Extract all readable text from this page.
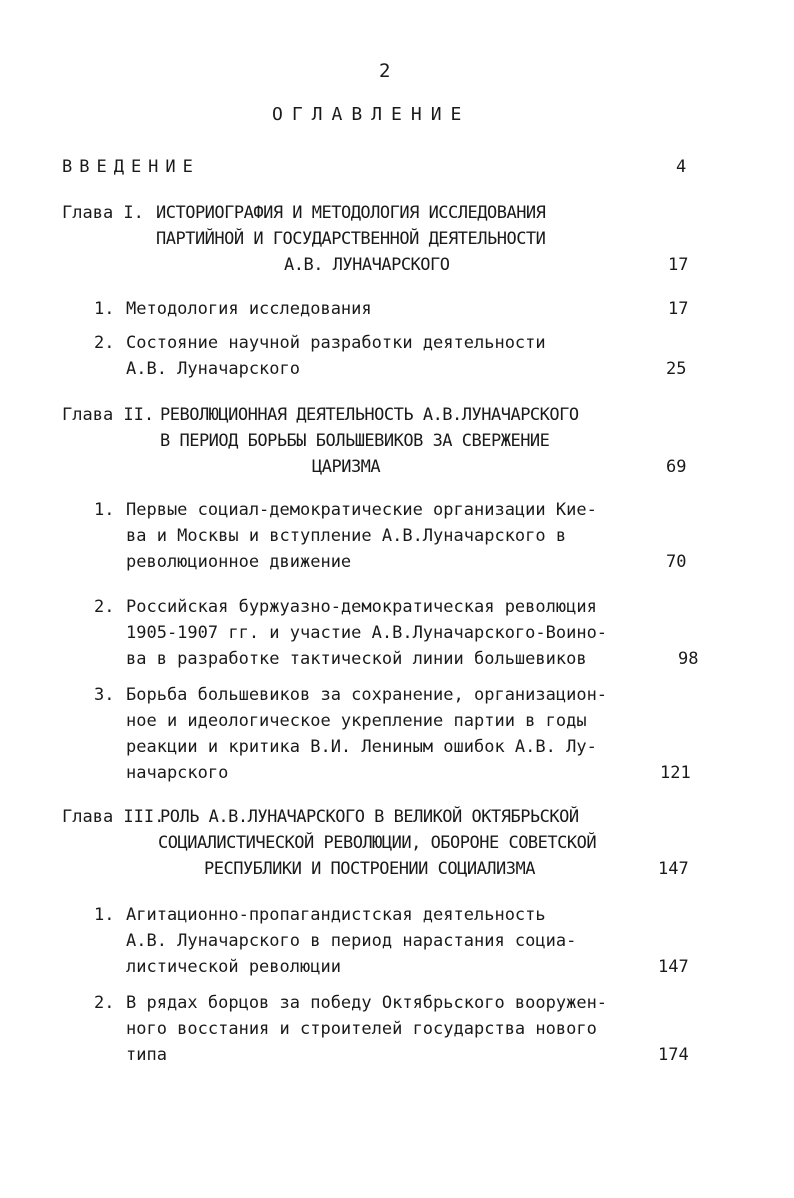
2
ОГЛАВЛЕНИЕ
ВВЕДЕНИЕ	4
Глава I. ИСТОРИОГРАФИЯ И МЕТОДОЛОГИЯ ИССЛЕДОВАНИЯ
ПАРТИЙНОЙ И ГОСУДАРСТВЕННОЙ ДЕЯТЕЛЬНОСТИ
А.В. ЛУНАЧАРСКОГО	17
1. Методология исследования	17
2. Состояние научной разработки деятельности
А.В. Луначарского	25
Глава II. РЕВОЛЮЦИОННАЯ ДЕЯТЕЛЬНОСТЬ А.В.ЛУНАЧАРСКОГО
В ПЕРИОД БОРЬБЫ БОЛЬШЕВИКОВ ЗА СВЕРЖЕНИЕ
ЦАРИЗМА	69
1. Первые социал-демократические организации Кие-
ва и Москвы и вступление А.В.Луначарского в
революционное движение	70
2. Российская буржуазно-демократическая революция
1905-1907 гг. и участие А.В.Луначарского-Воино-
ва в разработке тактической линии большевиков	98
3. Борьба большевиков за сохранение, организацион-
ное и идеологическое укрепление партии в годы
реакции и критика В.И. Лениным ошибок А.В. Лу-
начарского	121
Глава III.
РОЛЬ А.В.ЛУНАЧАРСКОГО В ВЕЛИКОЙ ОКТЯБРЬСКОЙ
СОЦИАЛИСТИЧЕСКОЙ РЕВОЛЮЦИИ, ОБОРОНЕ СОВЕТСКОЙ
РЕСПУБЛИКИ И ПОСТРОЕНИИ СОЦИАЛИЗМА	147
1. Агитационно-пропагандистская деятельность
А.В. Луначарского в период нарастания социа-
листической революции	147
2. В рядах борцов за победу Октябрьского вооружен-
ного восстания и строителей государства нового
типа	174
